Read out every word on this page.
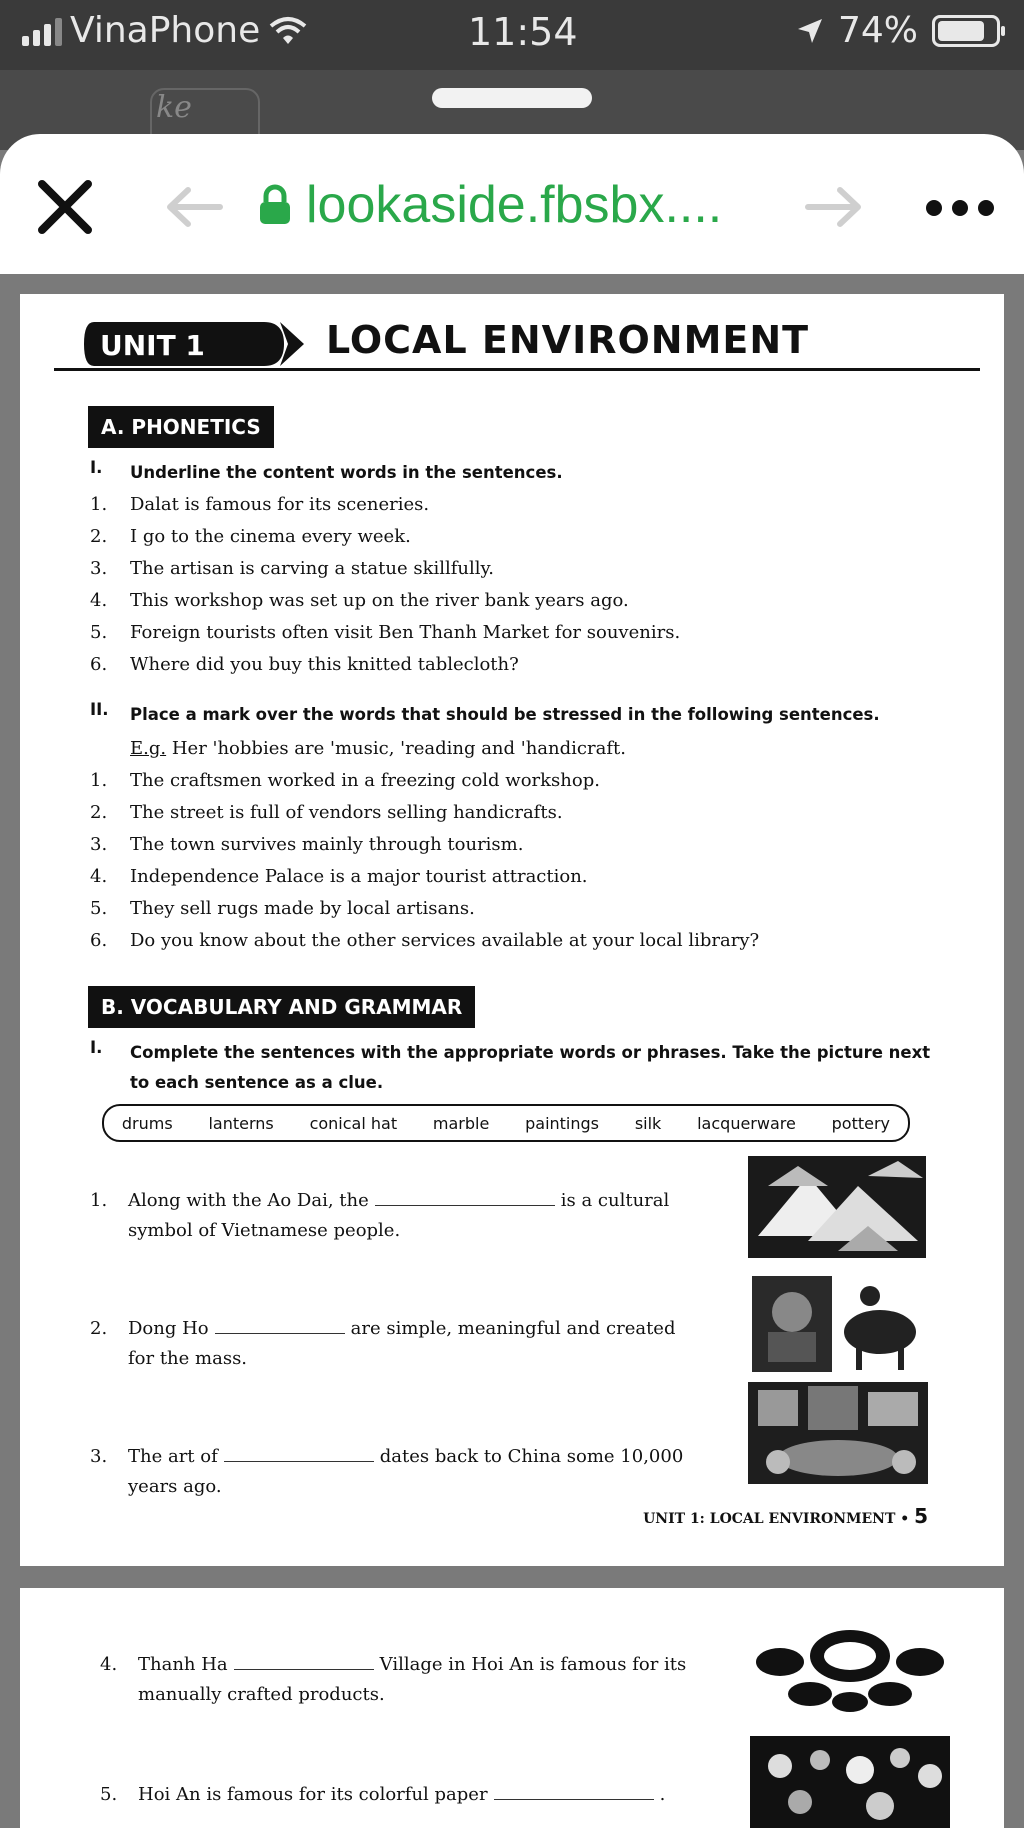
VinaPhone	11:54	74%
ke
lookaside.fbsbx....
UNIT 1	LOCAL ENVIRONMENT
A. PHONETICS
I. Underline the content words in the sentences.
1. Dalat is famous for its sceneries.
2. I go to the cinema every week.
3. The artisan is carving a statue skillfully.
4. This workshop was set up on the river bank years ago.
5. Foreign tourists often visit Ben Thanh Market for souvenirs.
6. Where did you buy this knitted tablecloth?
II. Place a mark over the words that should be stressed in the following sentences.
E.g. Her 'hobbies are 'music, 'reading and 'handicraft.
1. The craftsmen worked in a freezing cold workshop.
2. The street is full of vendors selling handicrafts.
3. The town survives mainly through tourism.
4. Independence Palace is a major tourist attraction.
5. They sell rugs made by local artisans.
6. Do you know about the other services available at your local library?
B. VOCABULARY AND GRAMMAR
I. Complete the sentences with the appropriate words or phrases. Take the picture next to each sentence as a clue.
drums lanterns conical hat marble paintings silk lacquerware pottery
1. Along with the Ao Dai, the	is a cultural
symbol of Vietnamese people.
2. Dong Ho	are simple, meaningful and created
for the mass.
3. The art of	dates back to China some 10,000
years ago.
UNIT 1: LOCAL ENVIRONMENT • 5
4. Thanh Ha	Village in Hoi An is famous for its
manually crafted products.
5. Hoi An is famous for its colorful paper	.
